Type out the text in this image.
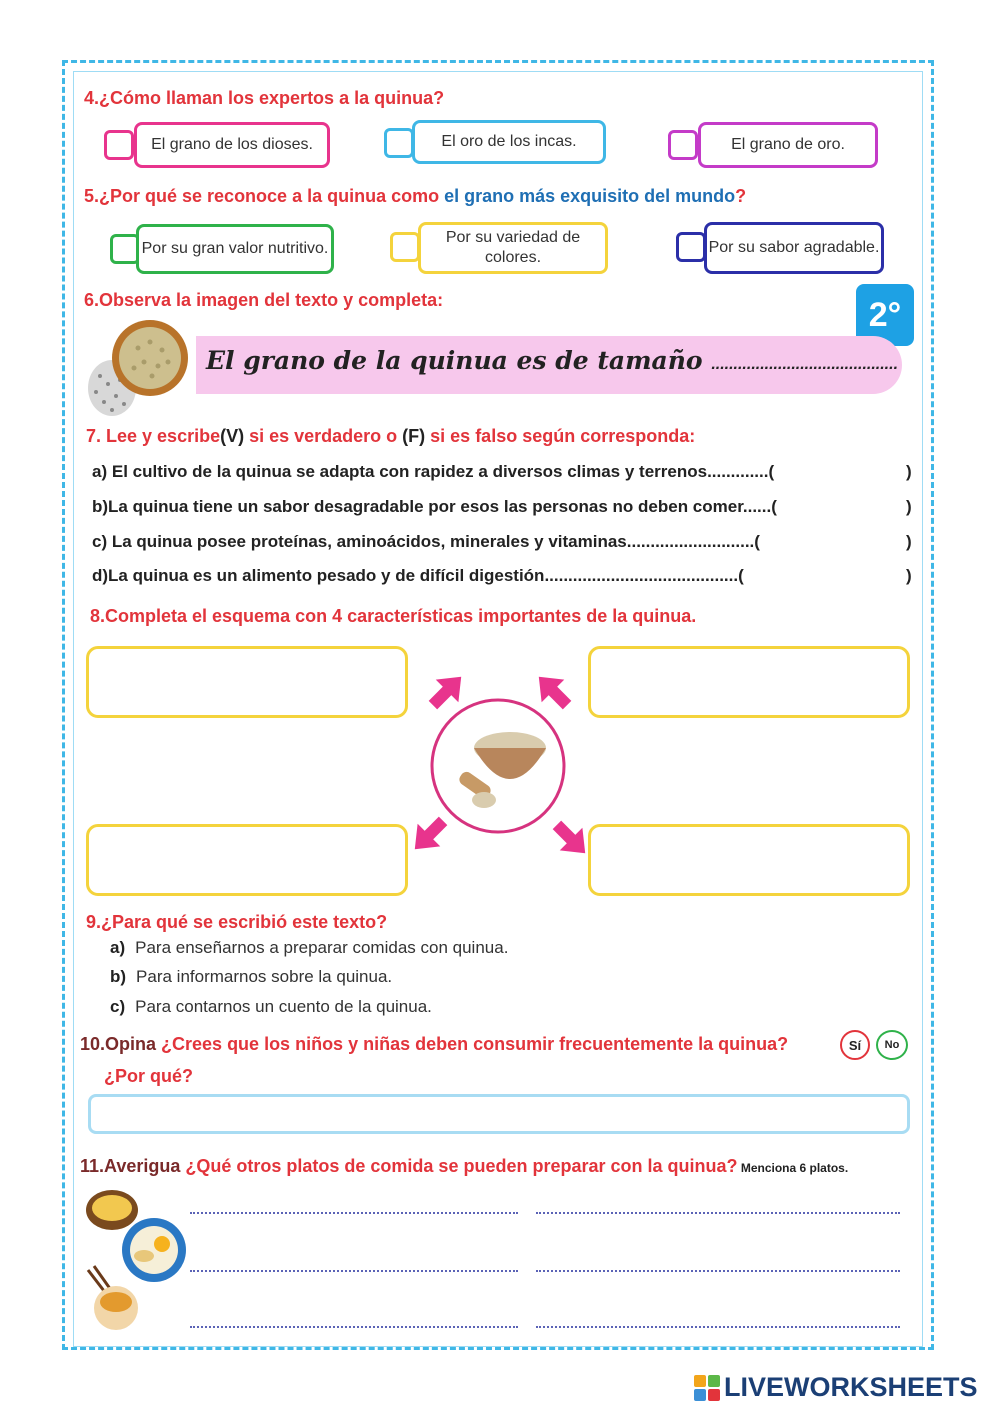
4.¿Cómo llaman los expertos a la quinua?
El grano de los dioses.	El oro de los incas.	El grano de oro.
5.¿Por qué se reconoce a la quinua como el grano más exquisito del mundo?
Por su gran valor nutritivo.
Por su variedad de colores.
Por su sabor agradable.
6.Observa la imagen del texto y completa:	2°
El grano de la quinua es de tamaño ..........................................
7. Lee y escribe(V) si es verdadero o (F) si es falso según corresponda:
a) El cultivo de la quinua se adapta con rapidez a diversos climas y terrenos.............(	)
b)La quinua tiene un sabor desagradable por esos las personas no deben comer......(	)
c) La quinua posee proteínas, aminoácidos, minerales y vitaminas...........................(	)
d)La quinua es un alimento pesado y de difícil digestión.........................................(	)
8.Completa el esquema con 4 características importantes de la quinua.
9.¿Para qué se escribió este texto?
a) Para enseñarnos a preparar comidas con quinua.
b) Para informarnos sobre la quinua.
c) Para contarnos un cuento de la quinua.
10.Opina ¿Crees que los niños y niñas deben consumir frecuentemente la quinua?	Sí	No
¿Por qué?
11.Averigua ¿Qué otros platos de comida se pueden preparar con la quinua? Menciona 6 platos.
LIVEWORKSHEETS
